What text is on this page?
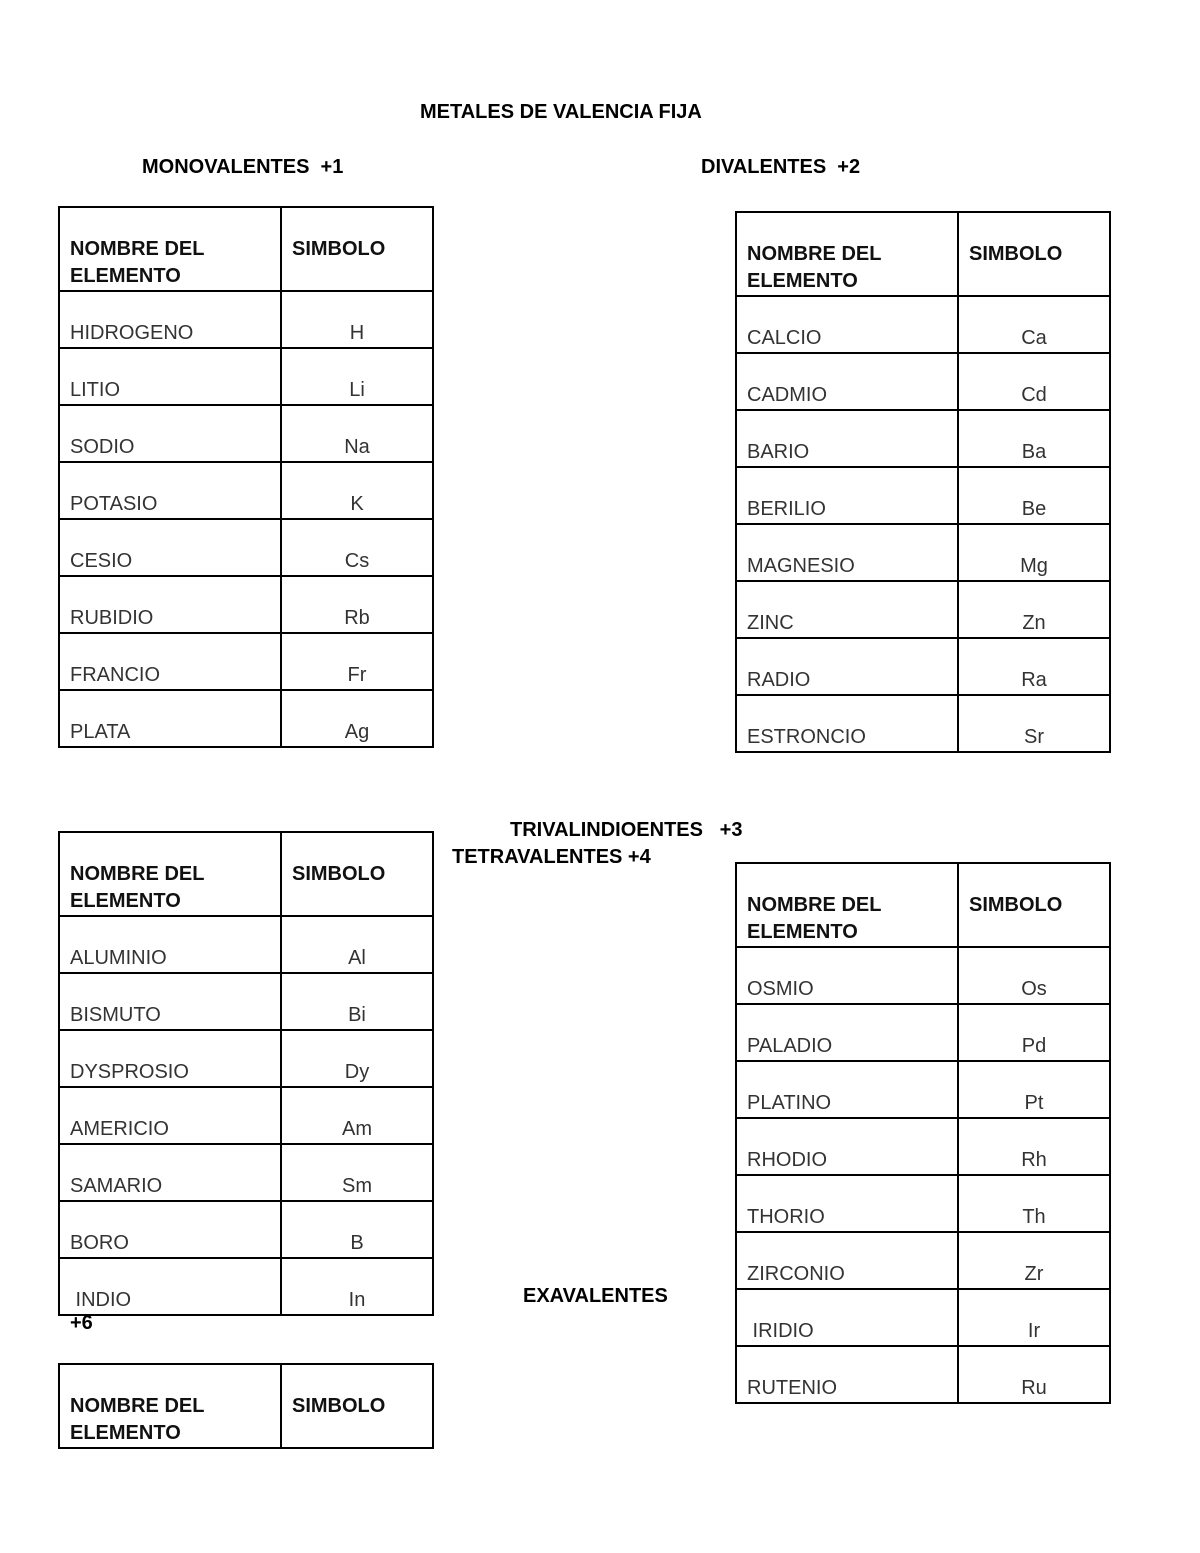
METALES DE VALENCIA FIJA
MONOVALENTES  +1	DIVALENTES  +2
TRIVALINDIOENTES   +3
TETRAVALENTES +4
EXAVALENTES
+6
NOMBRE DEL ELEMENTO	SIMBOLO
HIDROGENO	H
LITIO	Li
SODIO	Na
POTASIO	K
CESIO	Cs
RUBIDIO	Rb
FRANCIO	Fr
PLATA	Ag
NOMBRE DEL ELEMENTO	SIMBOLO
CALCIO	Ca
CADMIO	Cd
BARIO	Ba
BERILIO	Be
MAGNESIO	Mg
ZINC	Zn
RADIO	Ra
ESTRONCIO	Sr
NOMBRE DEL ELEMENTO	SIMBOLO
ALUMINIO	Al
BISMUTO	Bi
DYSPROSIO	Dy
AMERICIO	Am
SAMARIO	Sm
BORO	B
INDIO	In
NOMBRE DEL ELEMENTO	SIMBOLO
OSMIO	Os
PALADIO	Pd
PLATINO	Pt
RHODIO	Rh
THORIO	Th
ZIRCONIO	Zr
IRIDIO	Ir
RUTENIO	Ru
NOMBRE DEL ELEMENTO	SIMBOLO
